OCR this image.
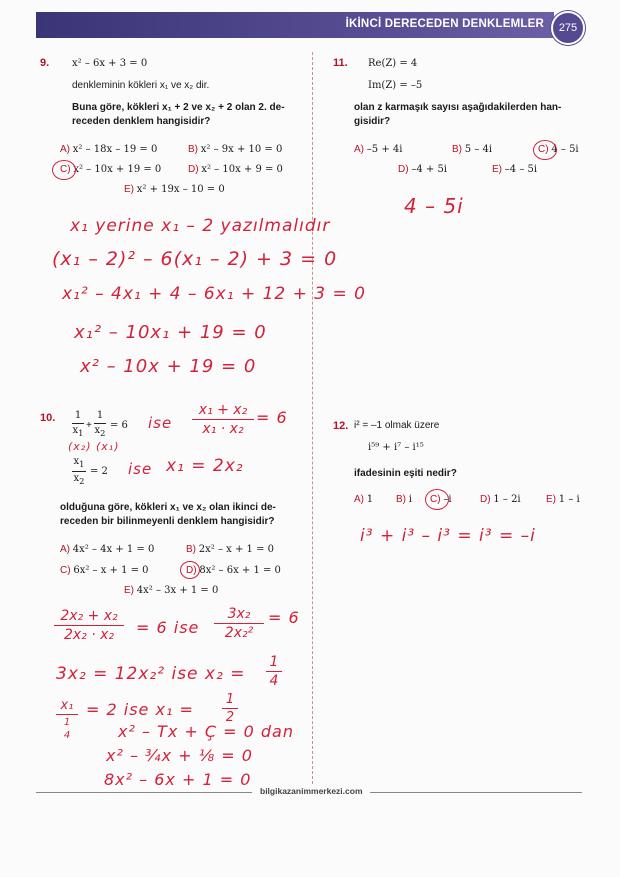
İKİNCİ DERECEDEN DENKLEMLER	275
9. x² – 6x + 3 = 0
denkleminin kökleri x₁ ve x₂ dir.
Buna göre, kökleri x₁ + 2 ve x₂ + 2 olan 2. de-
receden denklem hangisidir?
A) x² – 18x – 19 = 0	B) x² – 9x + 10 = 0
C) x² – 10x + 19 = 0	D) x² – 10x + 9 = 0
E) x² + 19x – 10 = 0
x₁ yerine x₁ – 2 yazılmalıdır
(x₁ – 2)² – 6(x₁ – 2) + 3 = 0
x₁² – 4x₁ + 4 – 6x₁ + 12 + 3 = 0
x₁² – 10x₁ + 19 = 0
x² – 10x + 19 = 0
10. 1
$x_1$
+
1
$x_2$
= 6
$x_1$
$x_2$
= 2
(x₂) (x₁)
ise
x₁ + x₂
x₁ · x₂
= 6
ise x₁ = 2x₂
olduğuna göre, kökleri x₁ ve x₂ olan ikinci de-
receden bir bilinmeyenli denklem hangisidir?
A) 4x² – 4x + 1 = 0	B) 2x² – x + 1 = 0
C) 6x² – x + 1 = 0	D) 8x² – 6x + 1 = 0
E) 4x² – 3x + 1 = 0
2x₂ + x₂
2x₂ · x₂	= 6 ise
3x₂
2x₂²
= 6
3x₂ = 12x₂² ise x₂ =
1
4
x₁
1
4
= 2 ise x₁ =
1
2
x² – Tx + Ç = 0 dan
x² – ¾x + ⅛ = 0
8x² – 6x + 1 = 0
11. Re(Z) = 4
Im(Z) = –5
olan z karmaşık sayısı aşağıdakilerden han-
gisidir?
A) –5 + 4i	B) 5 – 4i	C) 4 – 5i
D) –4 + 5i	E) –4 – 5i
4 – 5i
12. i² = –1 olmak üzere
i⁵⁹ + i⁷ – i¹⁵
ifadesinin eşiti nedir?
A) 1 B) i C) –i	D) 1 – 2i	E) 1 – i
i³ + i³ – i³ = i³ = –i
bilgikazanimmerkezi.com
